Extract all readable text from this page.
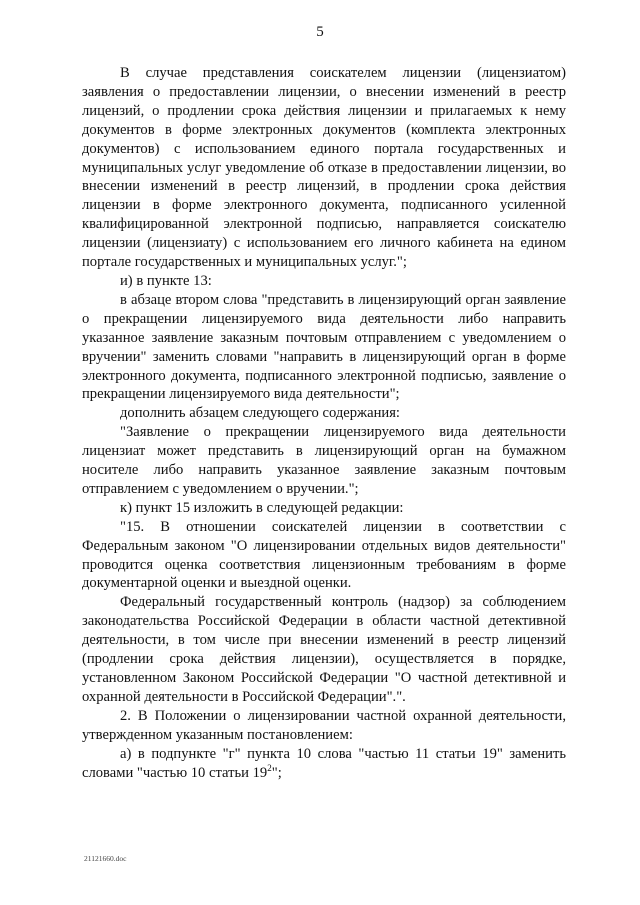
5

В случае представления соискателем лицензии (лицензиатом) заявления о предоставлении лицензии, о внесении изменений в реестр лицензий, о продлении срока действия лицензии и прилагаемых к нему документов в форме электронных документов (комплекта электронных документов) с использованием единого портала государственных и муниципальных услуг уведомление об отказе в предоставлении лицензии, во внесении изменений в реестр лицензий, в продлении срока действия лицензии в форме электронного документа, подписанного усиленной квалифицированной электронной подписью, направляется соискателю лицензии (лицензиату) с использованием его личного кабинета на едином портале государственных и муниципальных услуг.";

и) в пункте 13:

в абзаце втором слова "представить в лицензирующий орган заявление о прекращении лицензируемого вида деятельности либо направить указанное заявление заказным почтовым отправлением с уведомлением о вручении" заменить словами "направить в лицензирующий орган в форме электронного документа, подписанного электронной подписью, заявление о прекращении лицензируемого вида деятельности";

дополнить абзацем следующего содержания:

"Заявление о прекращении лицензируемого вида деятельности лицензиат может представить в лицензирующий орган на бумажном носителе либо направить указанное заявление заказным почтовым отправлением с уведомлением о вручении.";

к) пункт 15 изложить в следующей редакции:

"15. В отношении соискателей лицензии в соответствии с Федеральным законом "О лицензировании отдельных видов деятельности" проводится оценка соответствия лицензионным требованиям в форме документарной оценки и выездной оценки.

Федеральный государственный контроль (надзор) за соблюдением законодательства Российской Федерации в области частной детективной деятельности, в том числе при внесении изменений в реестр лицензий (продлении срока действия лицензии), осуществляется в порядке, установленном Законом Российской Федерации "О частной детективной и охранной деятельности в Российской Федерации".".

2. В Положении о лицензировании частной охранной деятельности, утвержденном указанным постановлением:

а) в подпункте "г" пункта 10 слова "частью 11 статьи 19" заменить словами "частью 10 статьи $19^2$";

21121660.doc
